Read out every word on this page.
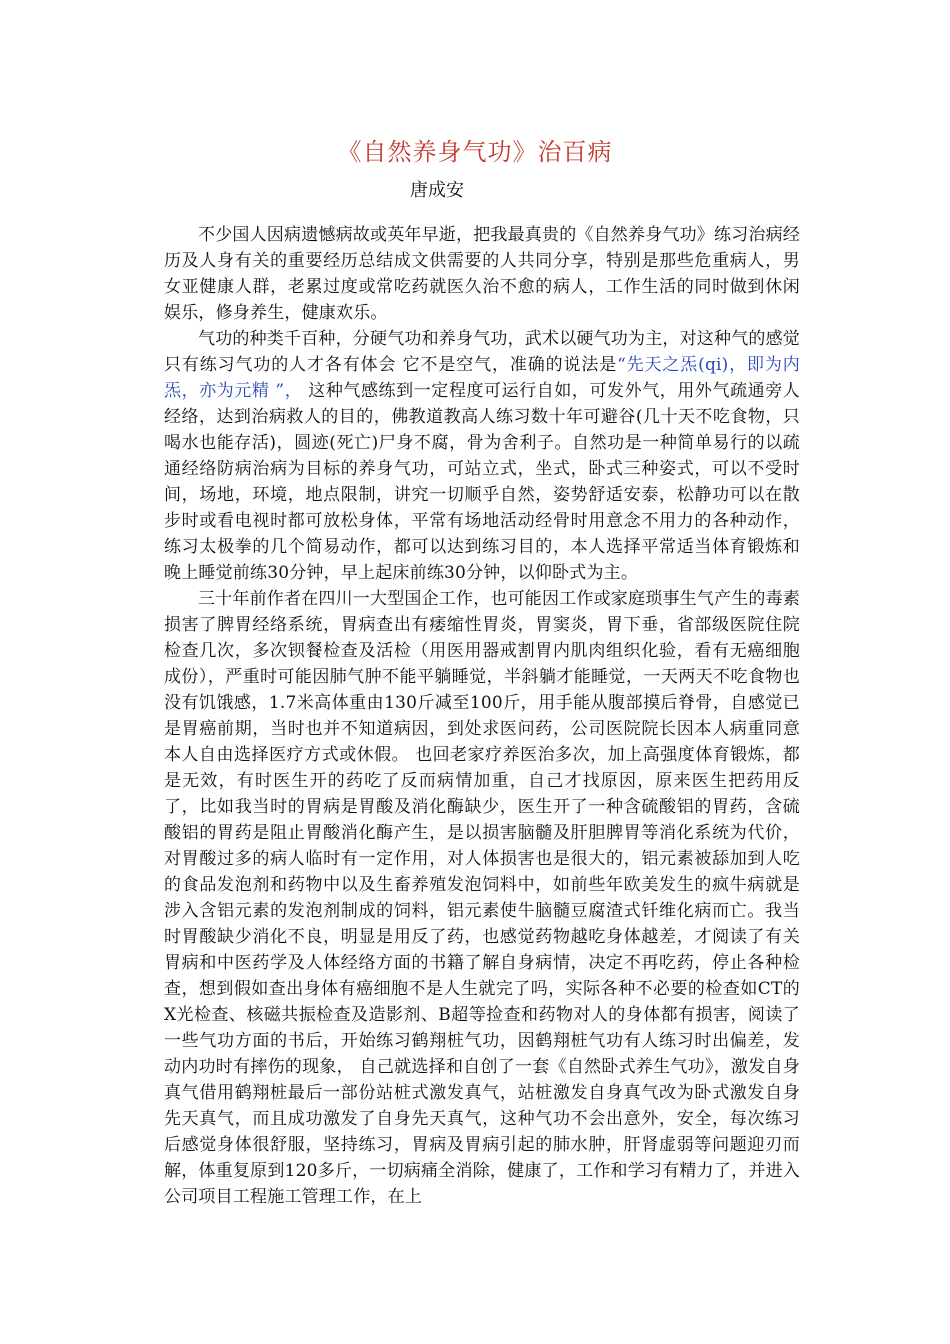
《自然养身气功》治百病
唐成安

不少国人因病遗憾病故或英年早逝，把我最真贵的《自然养身气功》练习治病经历及人身有关的重要经历总结成文供需要的人共同分享，特别是那些危重病人，男女亚健康人群，老累过度或常吃药就医久治不愈的病人，工作生活的同时做到休闲娱乐，修身养生，健康欢乐。

气功的种类千百种，分硬气功和养身气功，武术以硬气功为主，对这种气的感觉只有练习气功的人才各有体会 它不是空气，准确的说法是“先天之炁(qi)，即为内炁，亦为元精 ”， 这种气感练到一定程度可运行自如，可发外气，用外气疏通旁人经络，达到治病救人的目的，佛教道教高人练习数十年可避谷(几十天不吃食物，只喝水也能存活)，圆迹(死亡)尸身不腐，骨为舍利子。自然功是一种简单易行的以疏通经络防病治病为目标的养身气功，可站立式，坐式，卧式三种姿式，可以不受时间，场地，环境，地点限制，讲究一切顺乎自然，姿势舒适安泰，松静功可以在散步时或看电视时都可放松身体，平常有场地活动经骨时用意念不用力的各种动作，练习太极拳的几个简易动作，都可以达到练习目的，本人选择平常适当体育锻炼和晚上睡觉前练30分钟，早上起床前练30分钟，以仰卧式为主。

三十年前作者在四川一大型国企工作，也可能因工作或家庭琐事生气产生的毒素损害了脾胃经络系统，胃病查出有痿缩性胃炎，胃窦炎，胃下垂，省部级医院住院检查几次，多次钡餐检查及活检（用医用器戒割胃内肌肉组织化验，看有无癌细胞成份），严重时可能因肺气肿不能平躺睡觉，半斜躺才能睡觉，一天两天不吃食物也没有饥饿感，1.7米高体重由130斤减至100斤，用手能从腹部摸后脊骨，自感觉已是胃癌前期，当时也并不知道病因，到处求医问药，公司医院院长因本人病重同意本人自由选择医疗方式或休假。 也回老家疗养医治多次，加上高强度体育锻炼，都是无效，有时医生开的药吃了反而病情加重，自己才找原因，原来医生把药用反了，比如我当时的胃病是胃酸及消化酶缺少，医生开了一种含硫酸铝的胃药，含硫酸铝的胃药是阻止胃酸消化酶产生，是以损害脑髓及肝胆脾胃等消化系统为代价， 对胃酸过多的病人临时有一定作用，对人体损害也是很大的，铝元素被舔加到人吃的食品发泡剂和药物中以及生畜养殖发泡饲料中，如前些年欧美发生的疯牛病就是涉入含铝元素的发泡剂制成的饲料，铝元素使牛脑髓豆腐渣式钎维化病而亡。我当时胃酸缺少消化不良，明显是用反了药，也感觉药物越吃身体越差，才阅读了有关胃病和中医药学及人体经络方面的书籍了解自身病情，决定不再吃药，停止各种检查，想到假如查出身体有癌细胞不是人生就完了吗，实际各种不必要的检查如CT的X光检查、核磁共振检查及造影剂、B超等捡查和药物对人的身体都有损害，阅读了一些气功方面的书后，开始练习鹤翔桩气功，因鹤翔桩气功有人练习时出偏差，发动内功时有摔伤的现象， 自己就选择和自创了一套《自然卧式养生气功》，激发自身真气借用鹤翔桩最后一部份站桩式激发真气，站桩激发自身真气改为卧式激发自身先天真气，而且成功激发了自身先天真气，这种气功不会出意外，安全，每次练习后感觉身体很舒服，坚持练习，胃病及胃病引起的肺水肿，肝肾虚弱等问题迎刃而解，体重复原到120多斤，一切病痛全消除，健康了，工作和学习有精力了，并进入公司项目工程施工管理工作，在上
